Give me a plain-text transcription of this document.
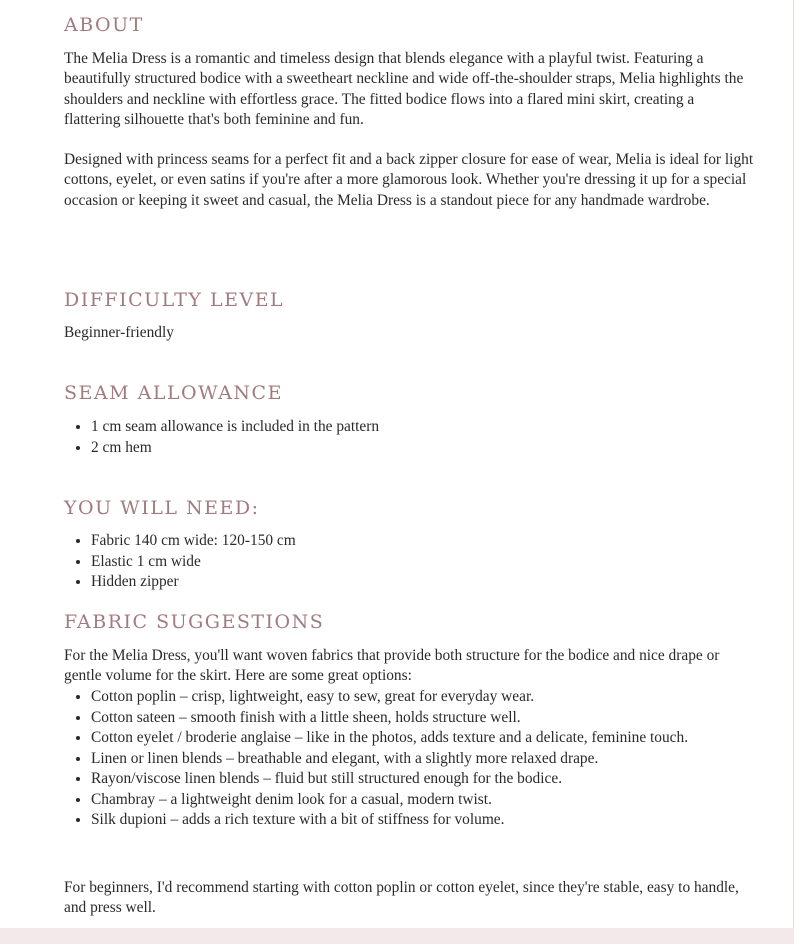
ABOUT

The Melia Dress is a romantic and timeless design that blends elegance with a playful twist. Featuring a beautifully structured bodice with a sweetheart neckline and wide off-the-shoulder straps, Melia highlights the shoulders and neckline with effortless grace. The fitted bodice flows into a flared mini skirt, creating a flattering silhouette that's both feminine and fun.

Designed with princess seams for a perfect fit and a back zipper closure for ease of wear, Melia is ideal for light cottons, eyelet, or even satins if you're after a more glamorous look. Whether you're dressing it up for a special occasion or keeping it sweet and casual, the Melia Dress is a standout piece for any handmade wardrobe.

DIFFICULTY LEVEL

Beginner-friendly

SEAM ALLOWANCE
• 1 cm seam allowance is included in the pattern
• 2 cm hem
YOU WILL NEED:
• Fabric 140 cm wide: 120-150 cm
• Elastic 1 cm wide
• Hidden zipper
FABRIC SUGGESTIONS

For the Melia Dress, you'll want woven fabrics that provide both structure for the bodice and nice drape or gentle volume for the skirt. Here are some great options:

• Cotton poplin – crisp, lightweight, easy to sew, great for everyday wear.
• Cotton sateen – smooth finish with a little sheen, holds structure well.
• Cotton eyelet / broderie anglaise – like in the photos, adds texture and a delicate, feminine touch.
• Linen or linen blends – breathable and elegant, with a slightly more relaxed drape.
• Rayon/viscose linen blends – fluid but still structured enough for the bodice.
• Chambray – a lightweight denim look for a casual, modern twist.
• Silk dupioni – adds a rich texture with a bit of stiffness for volume.

For beginners, I'd recommend starting with cotton poplin or cotton eyelet, since they're stable, easy to handle, and press well.
